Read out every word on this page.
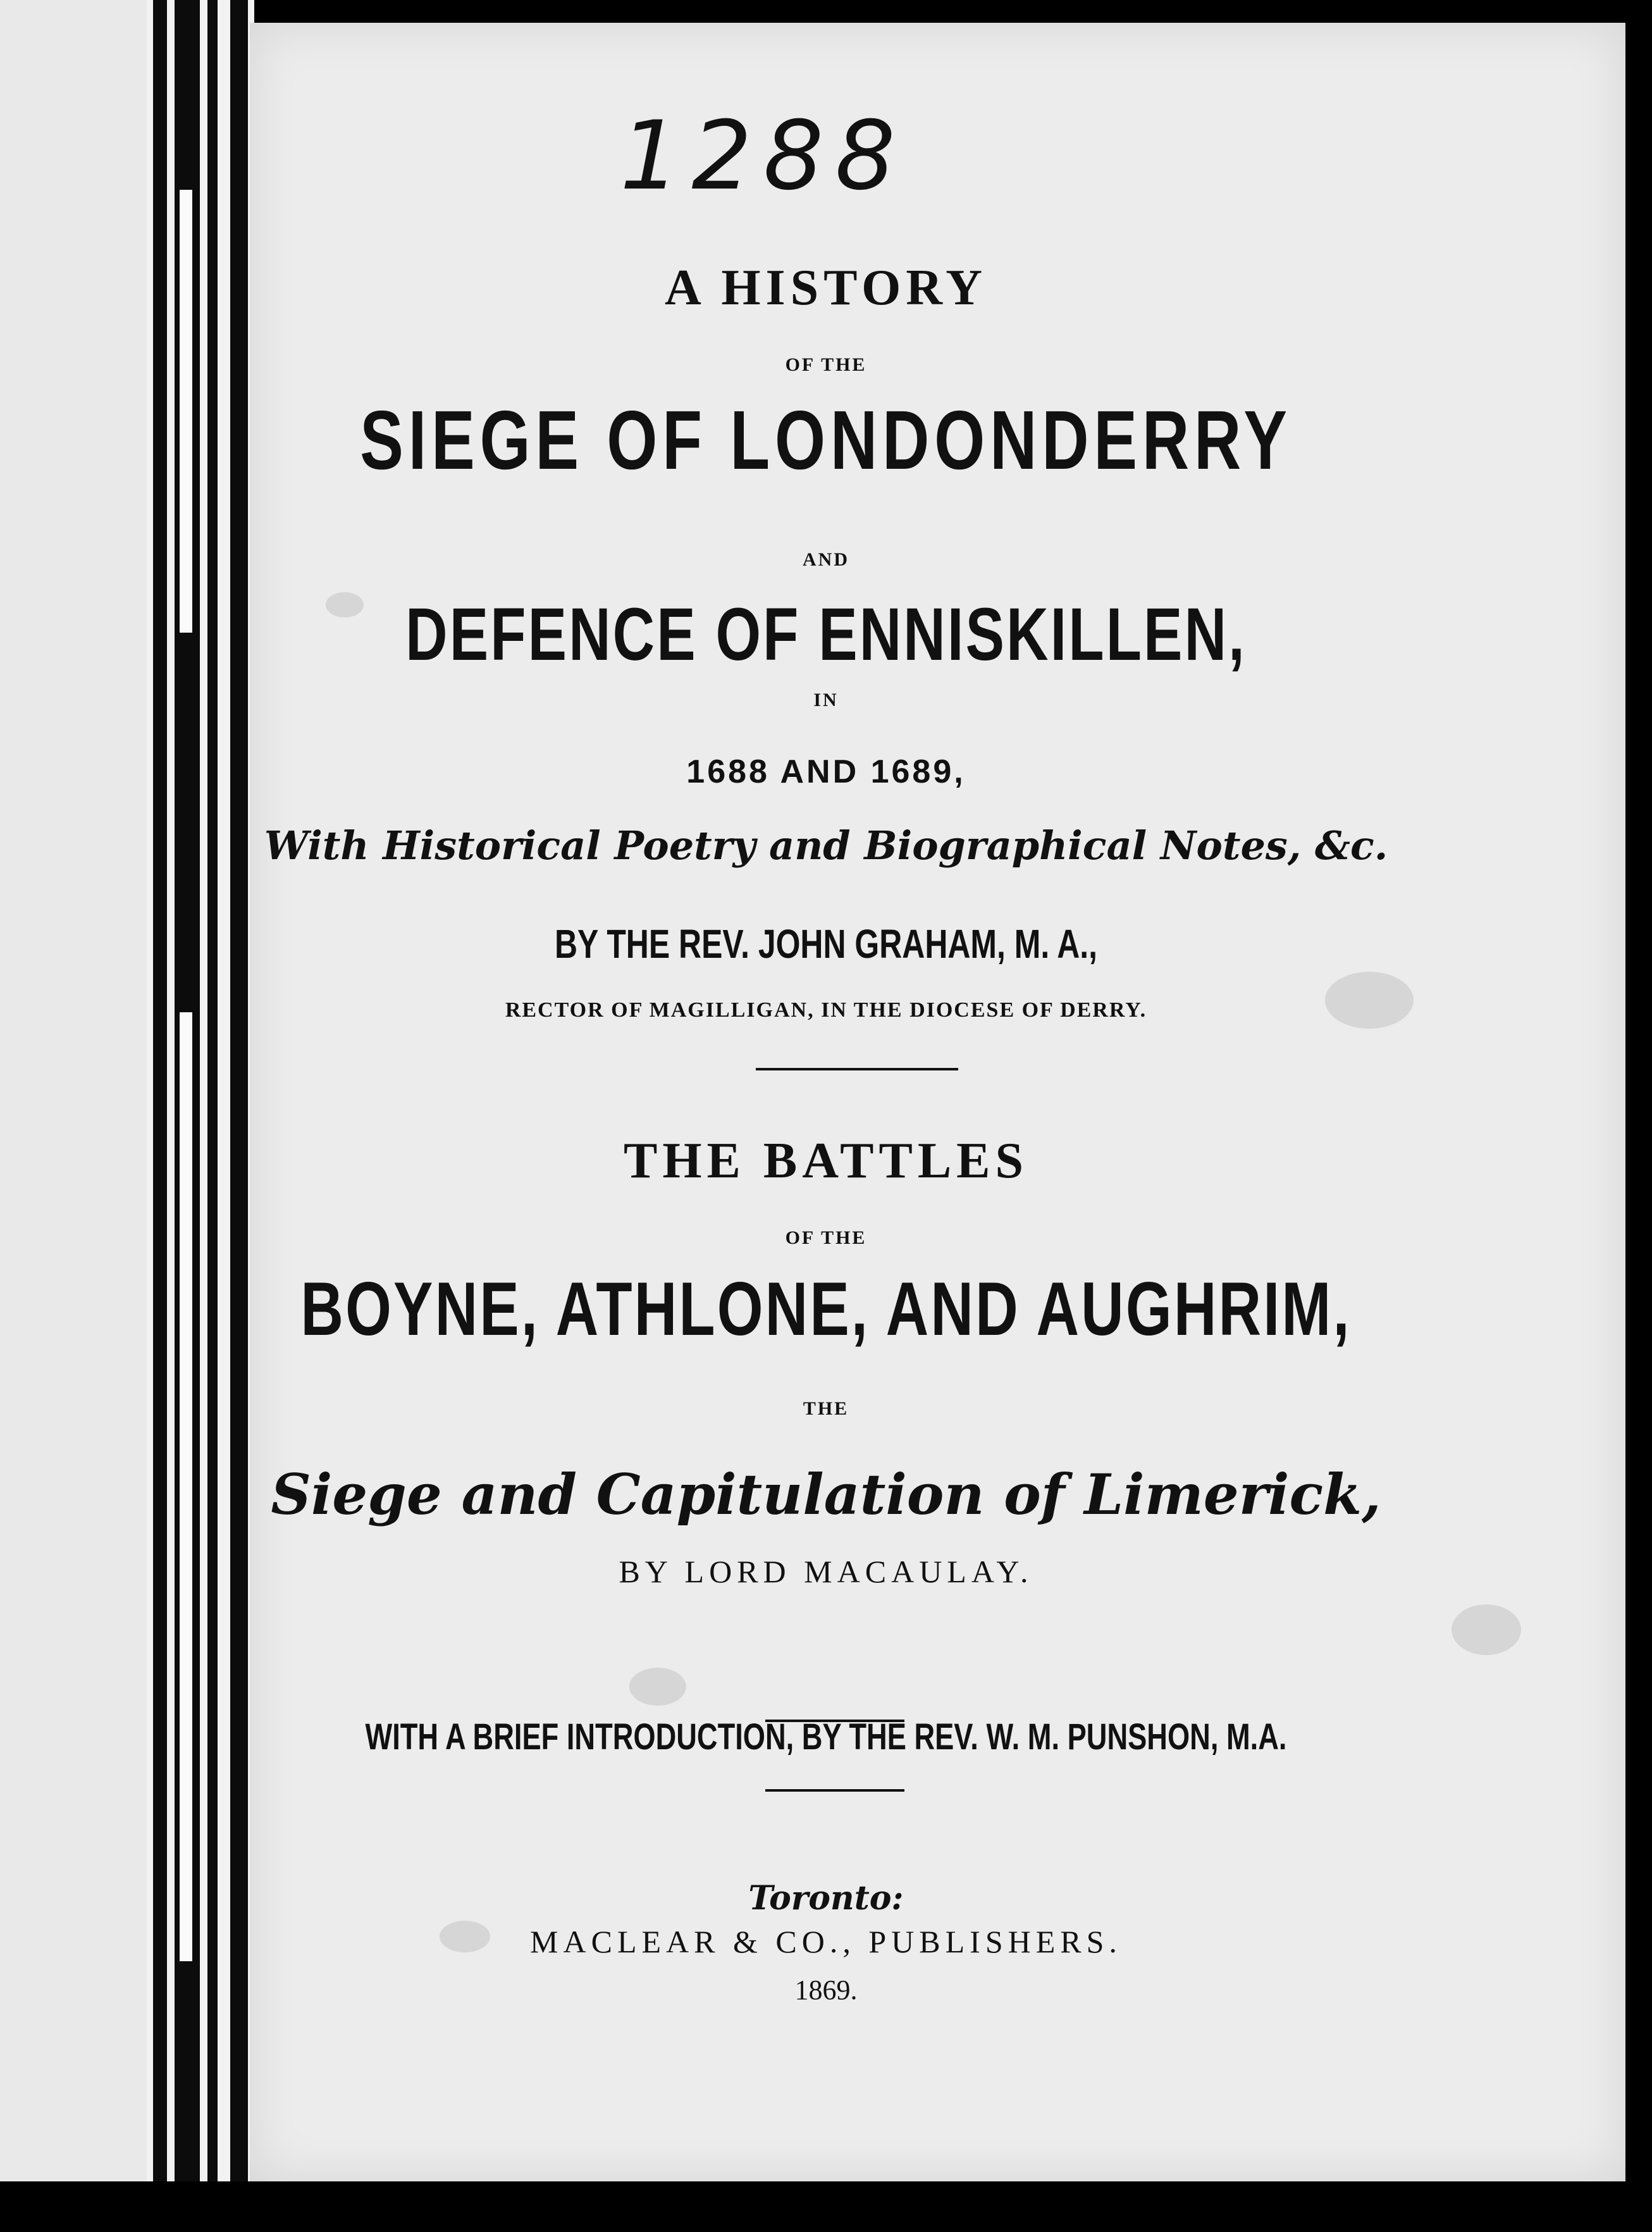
1288
A HISTORY
OF THE
SIEGE OF LONDONDERRY
AND
DEFENCE OF ENNISKILLEN,
IN
1688 AND 1689,
With Historical Poetry and Biographical Notes, &c.
BY THE REV. JOHN GRAHAM, M. A.,
RECTOR OF MAGILLIGAN, IN THE DIOCESE OF DERRY.
THE BATTLES
OF THE
BOYNE, ATHLONE, AND AUGHRIM,
THE
Siege and Capitulation of Limerick,
BY LORD MACAULAY.
WITH A BRIEF INTRODUCTION, BY THE REV. W. M. PUNSHON, M.A.
Toronto:
MACLEAR & CO., PUBLISHERS.
1869.
